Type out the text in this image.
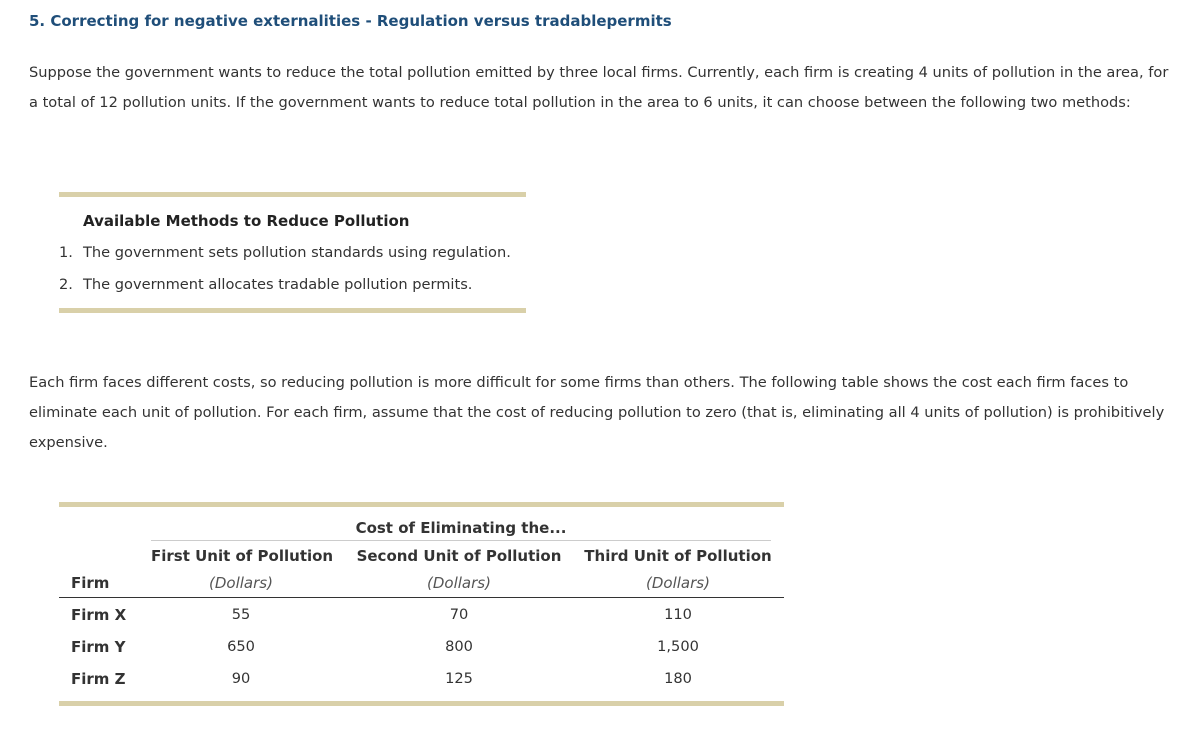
5. Correcting for negative externalities - Regulation versus tradablepermits

Suppose the government wants to reduce the total pollution emitted by three local firms. Currently, each firm is creating 4 units of pollution in the area, for a total of 12 pollution units. If the government wants to reduce total pollution in the area to 6 units, it can choose between the following two methods:

Available Methods to Reduce Pollution
1. The government sets pollution standards using regulation.
2. The government allocates tradable pollution permits.

Each firm faces different costs, so reducing pollution is more difficult for some firms than others. The following table shows the cost each firm faces to eliminate each unit of pollution. For each firm, assume that the cost of reducing pollution to zero (that is, eliminating all 4 units of pollution) is prohibitively expensive.

Cost of Eliminating the...
First Unit of Pollution Second Unit of Pollution Third Unit of Pollution
Firm	(Dollars)	(Dollars)	(Dollars)
Firm X	55	70	110
Firm Y	650	800	1,500
Firm Z	90	125	180
